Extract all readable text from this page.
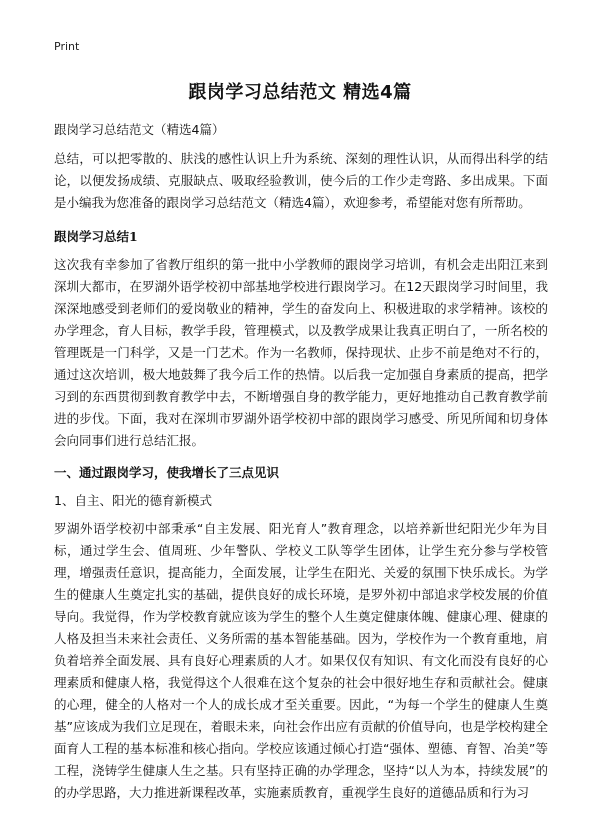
Print
跟岗学习总结范文 精选4篇
跟岗学习总结范文（精选4篇）

总结，可以把零散的、肤浅的感性认识上升为系统、深刻的理性认识，从而得出科学的结论，以便发扬成绩、克服缺点、吸取经验教训，使今后的工作少走弯路、多出成果。下面是小编我为您准备的跟岗学习总结范文（精选4篇），欢迎参考，希望能对您有所帮助。

跟岗学习总结1

这次我有幸参加了省教厅组织的第一批中小学教师的跟岗学习培训，有机会走出阳江来到深圳大都市，在罗湖外语学校初中部基地学校进行跟岗学习。在12天跟岗学习时间里，我深深地感受到老师们的爱岗敬业的精神，学生的奋发向上、积极进取的求学精神。该校的办学理念，育人目标，教学手段，管理模式，以及教学成果让我真正明白了，一所名校的管理既是一门科学，又是一门艺术。作为一名教师，保持现状、止步不前是绝对不行的，通过这次培训，极大地鼓舞了我今后工作的热情。以后我一定加强自身素质的提高，把学习到的东西贯彻到教育教学中去，不断增强自身的教学能力，更好地推动自己教育教学前进的步伐。下面，我对在深圳市罗湖外语学校初中部的跟岗学习感受、所见所闻和切身体会向同事们进行总结汇报。

一、通过跟岗学习，使我增长了三点见识

1、自主、阳光的德育新模式

罗湖外语学校初中部秉承“自主发展、阳光育人”教育理念，以培养新世纪阳光少年为目标，通过学生会、值周班、少年警队、学校义工队等学生团体，让学生充分参与学校管理，增强责任意识，提高能力，全面发展，让学生在阳光、关爱的氛围下快乐成长。为学生的健康人生奠定扎实的基础，提供良好的成长环境，是罗外初中部追求学校发展的价值导向。我觉得，作为学校教育就应该为学生的整个人生奠定健康体魄、健康心理、健康的人格及担当未来社会责任、义务所需的基本智能基础。因为，学校作为一个教育重地，肩负着培养全面发展、具有良好心理素质的人才。如果仅仅有知识、有文化而没有良好的心理素质和健康人格，我觉得这个人很难在这个复杂的社会中很好地生存和贡献社会。健康的心理，健全的人格对一个人的成长成才至关重要。因此，“为每一个学生的健康人生奠基”应该成为我们立足现在，着眼未来，向社会作出应有贡献的价值导向，也是学校构建全面育人工程的基本标准和核心指向。学校应该通过倾心打造“强体、塑德、育智、冶美”等工程，浇铸学生健康人生之基。只有坚持正确的办学理念，坚持“以人为本，持续发展”的的办学思路，大力推进新课程改革，实施素质教育，重视学生良好的道德品质和行为习
